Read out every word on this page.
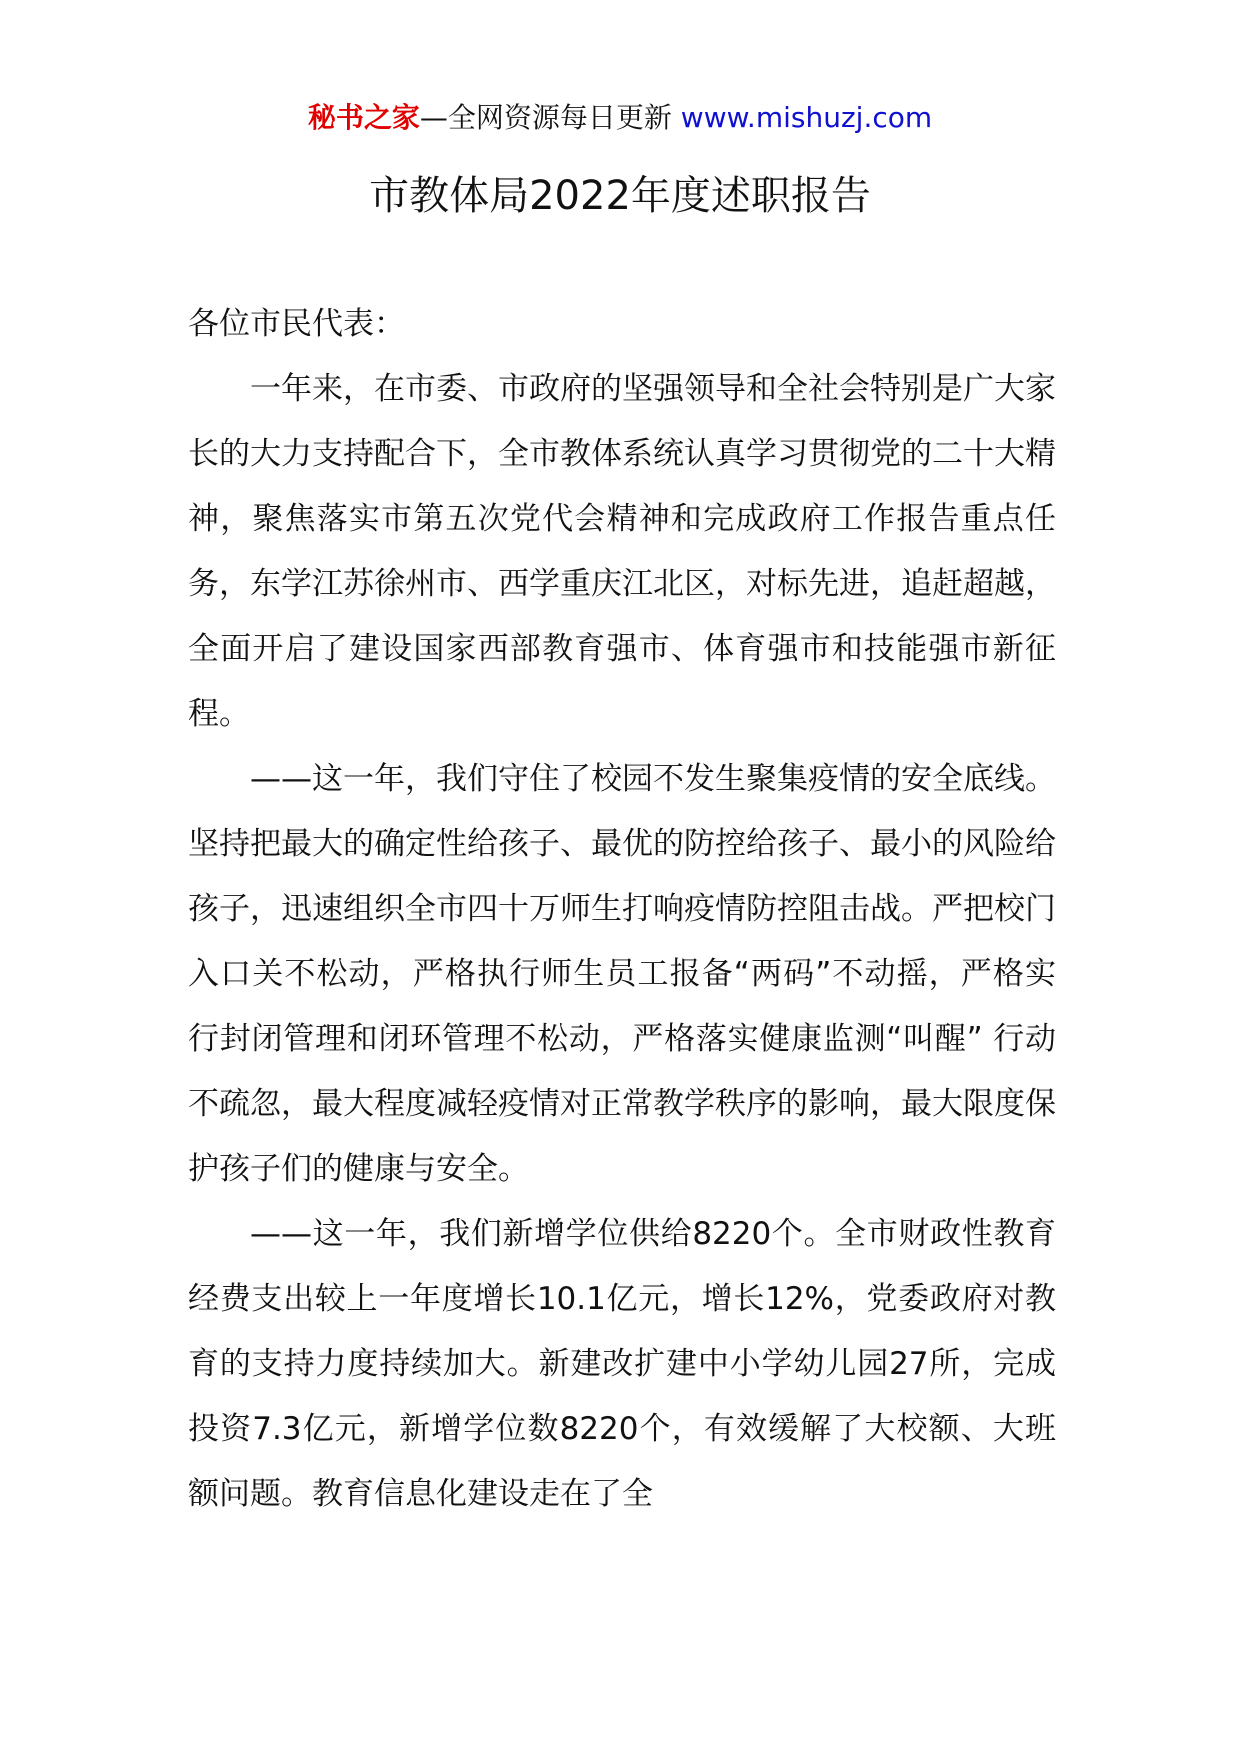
秘书之家—全网资源每日更新 www.mishuzj.com
市教体局2022年度述职报告

各位市民代表：

一年来，在市委、市政府的坚强领导和全社会特别是广大家长的大力支持配合下，全市教体系统认真学习贯彻党的二十大精神，聚焦落实市第五次党代会精神和完成政府工作报告重点任务，东学江苏徐州市、西学重庆江北区，对标先进，追赶超越，全面开启了建设国家西部教育强市、体育强市和技能强市新征程。

——这一年，我们守住了校园不发生聚集疫情的安全底线。坚持把最大的确定性给孩子、最优的防控给孩子、最小的风险给孩子，迅速组织全市四十万师生打响疫情防控阻击战。严把校门入口关不松动，严格执行师生员工报备“两码”不动摇，严格实行封闭管理和闭环管理不松动，严格落实健康监测“叫醒” 行动不疏忽，最大程度减轻疫情对正常教学秩序的影响，最大限度保护孩子们的健康与安全。

——这一年，我们新增学位供给8220个。全市财政性教育经费支出较上一年度增长10.1亿元，增长12%，党委政府对教育的支持力度持续加大。新建改扩建中小学幼儿园27所，完成投资7.3亿元，新增学位数8220个，有效缓解了大校额、大班额问题。教育信息化建设走在了全
